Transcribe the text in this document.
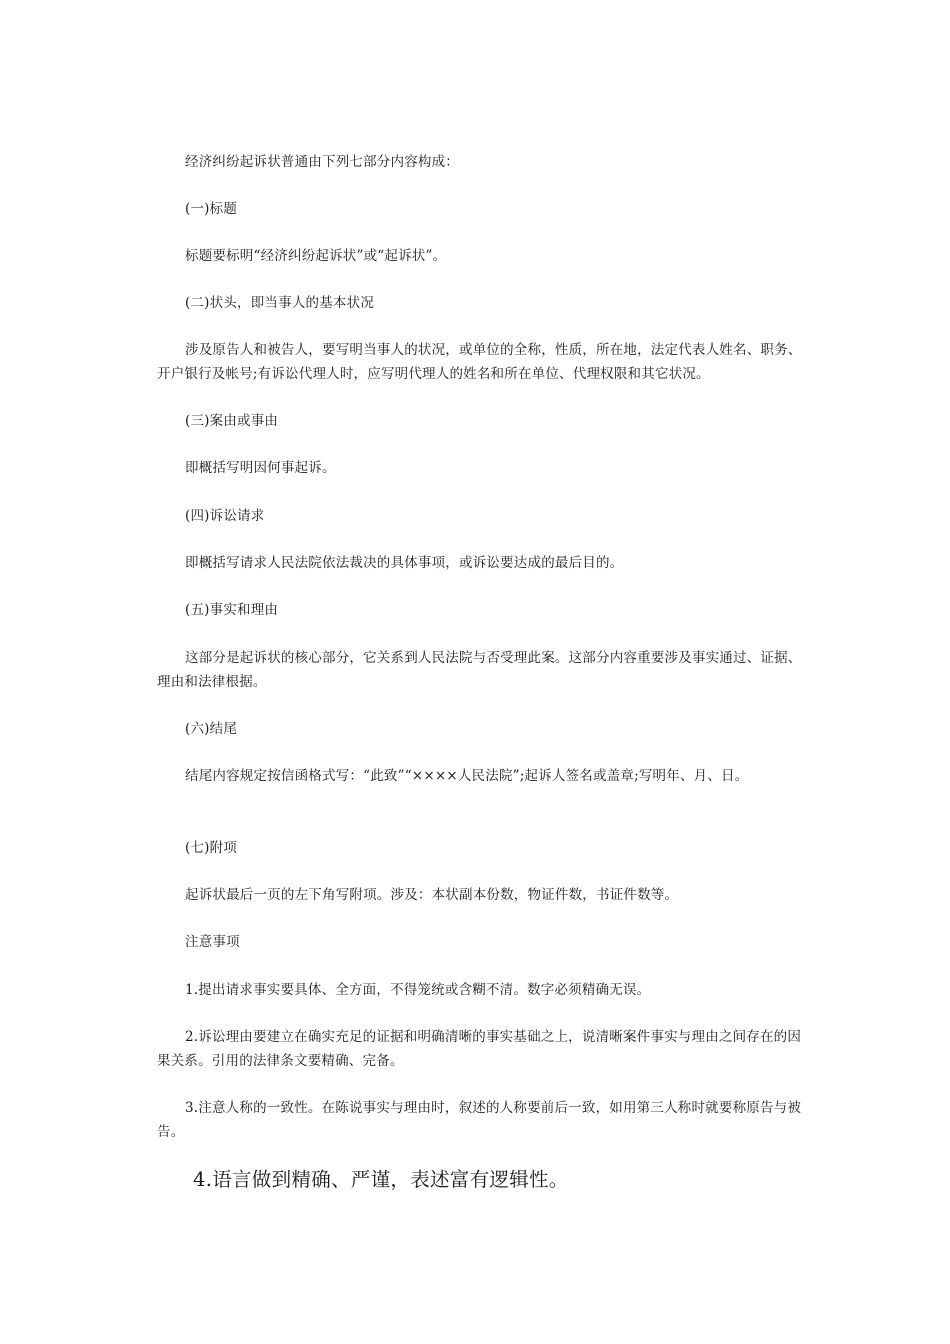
经济纠纷起诉状普通由下列七部分内容构成：

(一)标题

标题要标明“经济纠纷起诉状”或“起诉状”。

(二)状头，即当事人的基本状况

涉及原告人和被告人，要写明当事人的状况，或单位的全称，性质，所在地，法定代表人姓名、职务、开户银行及帐号;有诉讼代理人时，应写明代理人的姓名和所在单位、代理权限和其它状况。

(三)案由或事由

即概括写明因何事起诉。

(四)诉讼请求

即概括写请求人民法院依法裁决的具体事项，或诉讼要达成的最后目的。

(五)事实和理由

这部分是起诉状的核心部分，它关系到人民法院与否受理此案。这部分内容重要涉及事实通过、证据、理由和法律根据。

(六)结尾

结尾内容规定按信函格式写：“此致”“××××人民法院”;起诉人签名或盖章;写明年、月、日。

(七)附项

起诉状最后一页的左下角写附项。涉及：本状副本份数，物证件数，书证件数等。

注意事项

1.提出请求事实要具体、全方面，不得笼统或含糊不清。数字必须精确无误。

2.诉讼理由要建立在确实充足的证据和明确清晰的事实基础之上，说清晰案件事实与理由之间存在的因果关系。引用的法律条文要精确、完备。

3.注意人称的一致性。在陈说事实与理由时，叙述的人称要前后一致，如用第三人称时就要称原告与被告。

4.语言做到精确、严谨，表述富有逻辑性。
